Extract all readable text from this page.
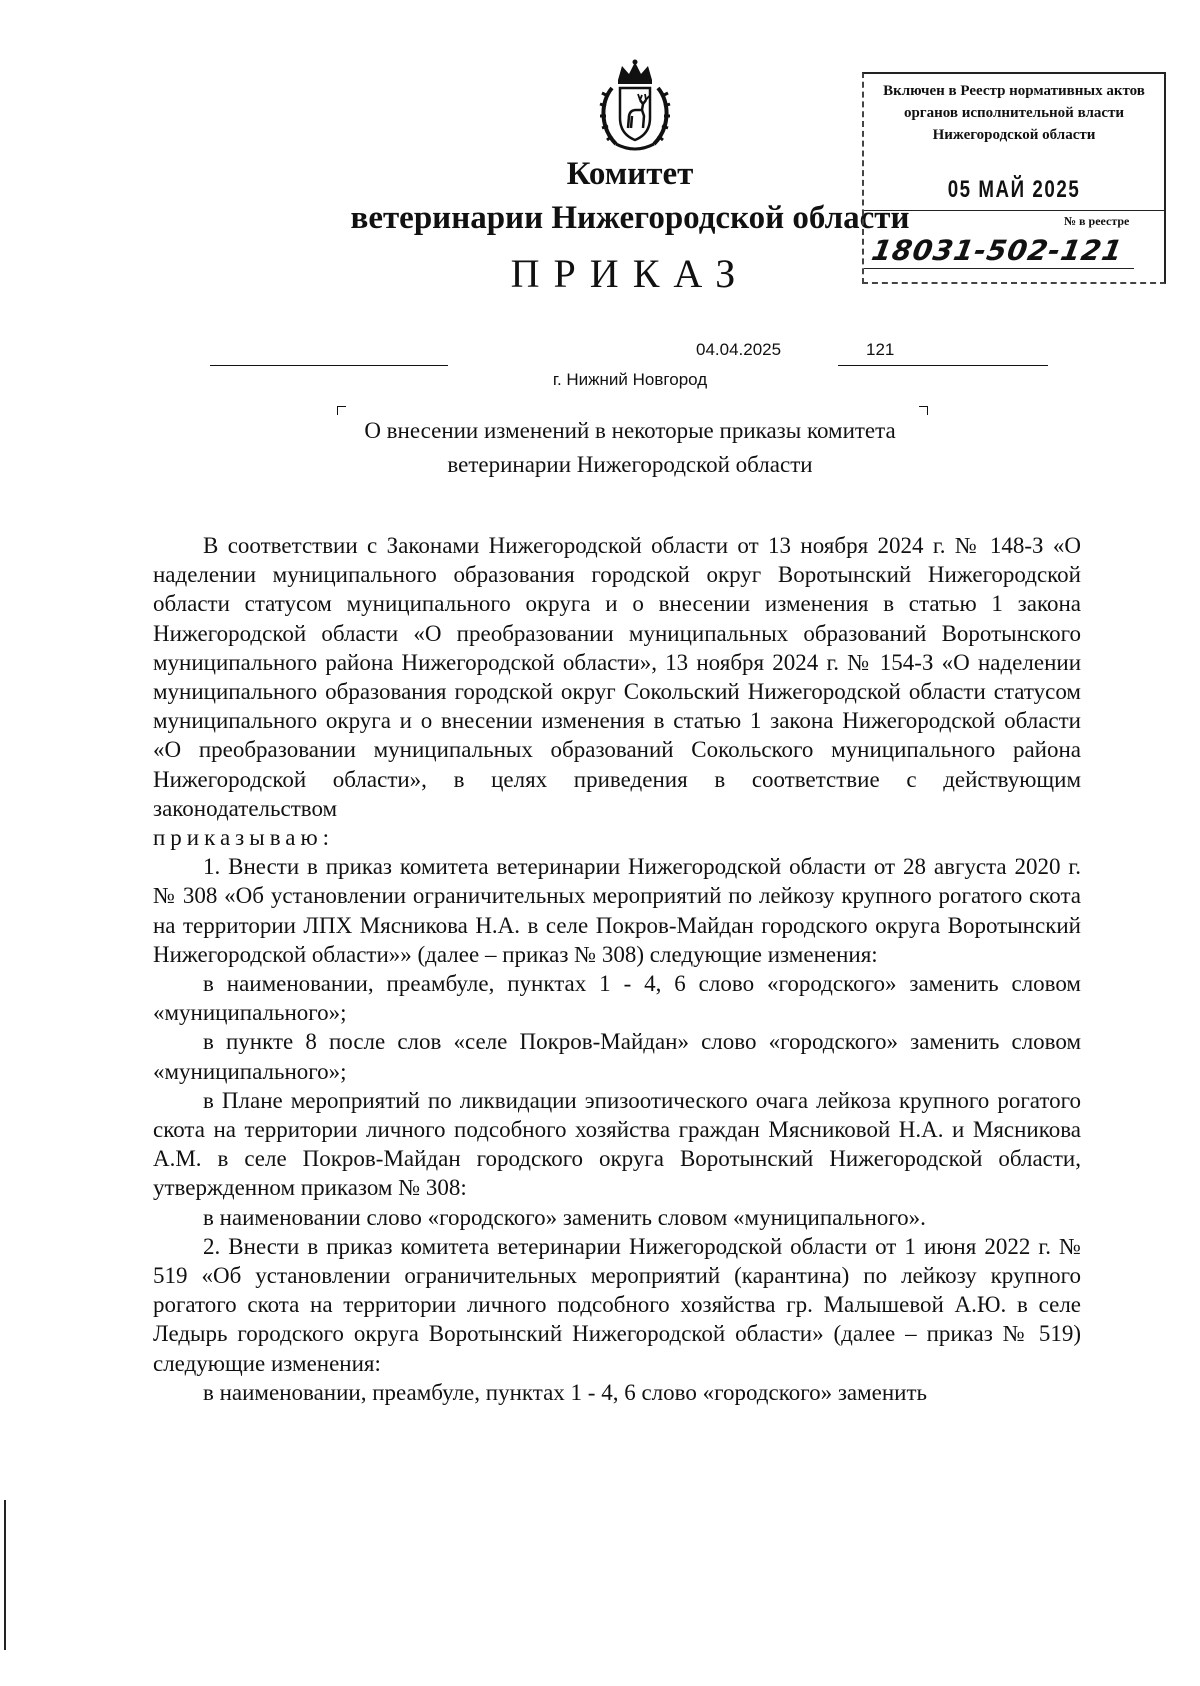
Комитет
ветеринарии Нижегородской области
ПРИКАЗ
Включен в Реестр нормативных актов органов исполнительной власти Нижегородской области
05 МАЙ 2025
№ в реестре
18031-502-121
04.04.2025	121
г. Нижний Новгород
О внесении изменений в некоторые приказы комитета ветеринарии Нижегородской области

В соответствии с Законами Нижегородской области от 13 ноября 2024 г. № 148-З «О наделении муниципального образования городской округ Воротынский Нижегородской области статусом муниципального округа и о внесении изменения в статью 1 закона Нижегородской области «О преобразовании муниципальных образований Воротынского муниципального района Нижегородской области», 13 ноября 2024 г. № 154-З «О наделении муниципального образования городской округ Сокольский Нижегородской области статусом муниципального округа и о внесении изменения в статью 1 закона Нижегородской области «О преобразовании муниципальных образований Сокольского муниципального района Нижегородской области», в целях приведения в соответствие с действующим законодательством

приказываю:

1. Внести в приказ комитета ветеринарии Нижегородской области от 28 августа 2020 г. № 308 «Об установлении ограничительных мероприятий по лейкозу крупного рогатого скота на территории ЛПХ Мясникова Н.А. в селе Покров-Майдан городского округа Воротынский Нижегородской области»» (далее – приказ № 308) следующие изменения:

в наименовании, преамбуле, пунктах 1 - 4, 6 слово «городского» заменить словом «муниципального»;

в пункте 8 после слов «селе Покров-Майдан» слово «городского» заменить словом «муниципального»;

в Плане мероприятий по ликвидации эпизоотического очага лейкоза крупного рогатого скота на территории личного подсобного хозяйства граждан Мясниковой Н.А. и Мясникова А.М. в селе Покров-Майдан городского округа Воротынский Нижегородской области, утвержденном приказом № 308:

в наименовании слово «городского» заменить словом «муниципального».

2. Внести в приказ комитета ветеринарии Нижегородской области от 1 июня 2022 г. № 519 «Об установлении ограничительных мероприятий (карантина) по лейкозу крупного рогатого скота на территории личного подсобного хозяйства гр. Малышевой А.Ю. в селе Ледырь городского округа Воротынский Нижегородской области» (далее – приказ № 519) следующие изменения:

в наименовании, преамбуле, пунктах 1 - 4, 6 слово «городского» заменить
